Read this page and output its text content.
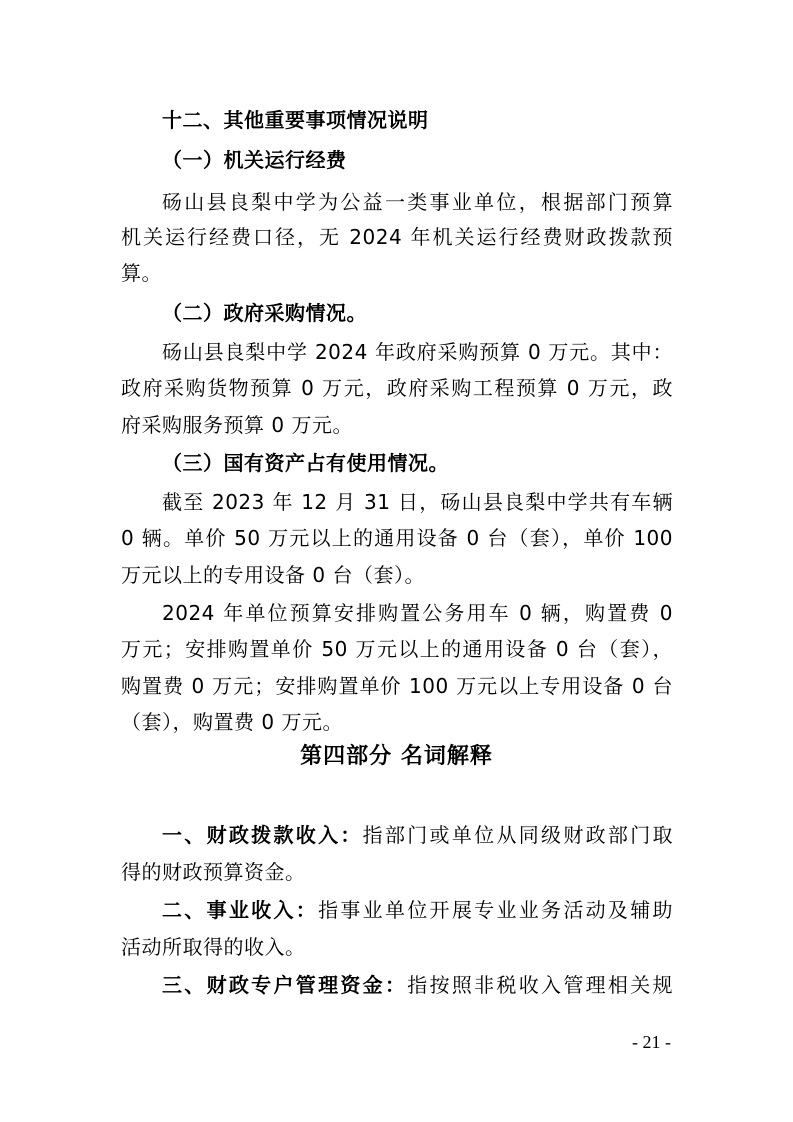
十二、其他重要事项情况说明
（一）机关运行经费
砀山县良梨中学为公益一类事业单位，根据部门预算
机关运行经费口径，无 2024 年机关运行经费财政拨款预
算。
（二）政府采购情况。
砀山县良梨中学 2024 年政府采购预算 0 万元。其中：
政府采购货物预算 0 万元，政府采购工程预算 0 万元，政
府采购服务预算 0 万元。
（三）国有资产占有使用情况。
截至 2023 年 12 月 31 日，砀山县良梨中学共有车辆
0 辆。单价 50 万元以上的通用设备 0 台（套），单价 100
万元以上的专用设备 0 台（套）。
2024 年单位预算安排购置公务用车 0 辆，购置费 0
万元；安排购置单价 50 万元以上的通用设备 0 台（套），
购置费 0 万元；安排购置单价 100 万元以上专用设备 0 台
（套），购置费 0 万元。
第四部分 名词解释
一、财政拨款收入：指部门或单位从同级财政部门取
得的财政预算资金。
二、事业收入：指事业单位开展专业业务活动及辅助
活动所取得的收入。
三、财政专户管理资金：指按照非税收入管理相关规
- 21 -
